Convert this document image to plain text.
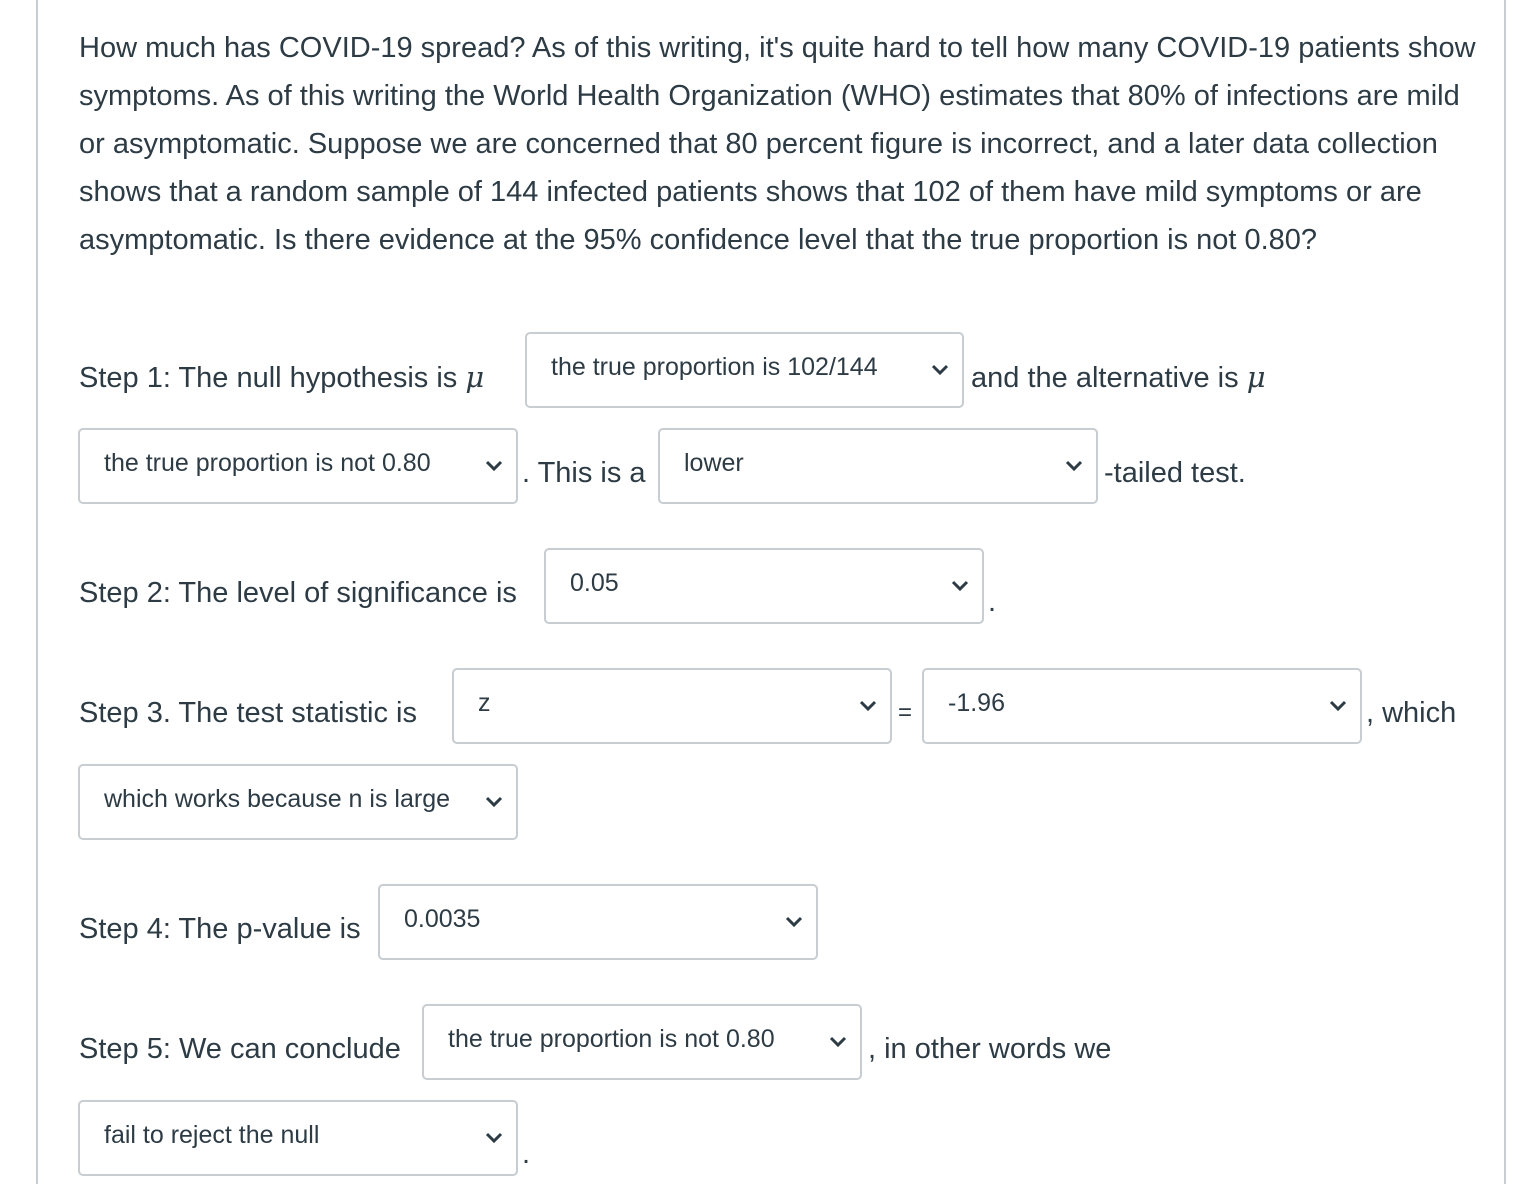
How much has COVID-19 spread? As of this writing, it's quite hard to tell how many COVID-19 patients show symptoms. As of this writing the World Health Organization (WHO) estimates that 80% of infections are mild or asymptomatic. Suppose we are concerned that 80 percent figure is incorrect, and a later data collection shows that a random sample of 144 infected patients shows that 102 of them have mild symptoms or are asymptomatic. Is there evidence at the 95% confidence level that the true proportion is not 0.80?

Step 1: The null hypothesis is μ	the true proportion is 102/144	and the alternative is μ
the true proportion is not 0.80	. This is a lower	-tailed test.
Step 2: The level of significance is 0.05
.
Step 3. The test statistic is z	= -1.96	, which
which works because n is large
Step 4: The p-value is 0.0035
Step 5: We can conclude the true proportion is not 0.80	, in other words we
fail to reject the null
.
